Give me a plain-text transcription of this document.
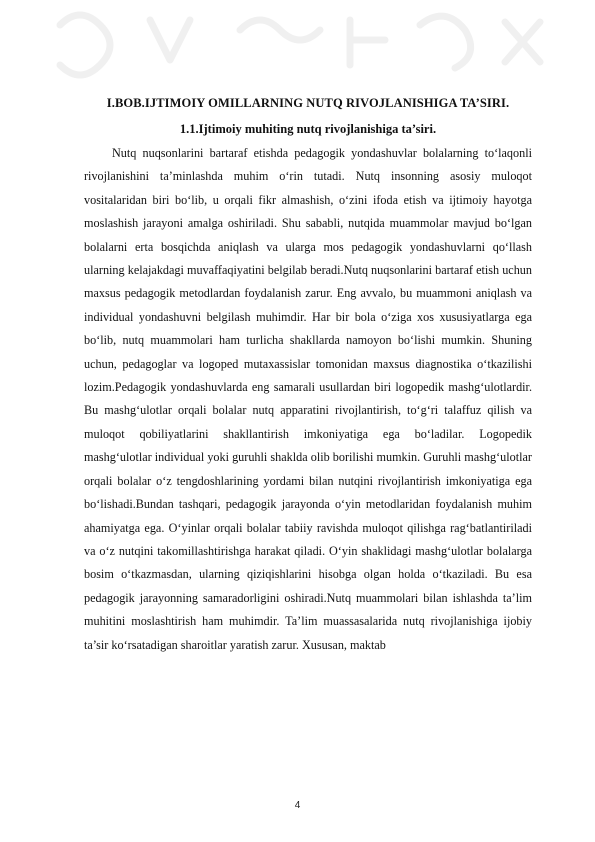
I.BOB.IJTIMOIY OMILLARNING NUTQ RIVOJLANISHIGA TA’SIRI.
1.1.Ijtimoiy muhiting nutq rivojlanishiga ta’siri.

Nutq nuqsonlarini bartaraf etishda pedagogik yondashuvlar bolalarning to‘laqonli rivojlanishini ta’minlashda muhim o‘rin tutadi. Nutq insonning asosiy muloqot vositalaridan biri bo‘lib, u orqali fikr almashish, o‘zini ifoda etish va ijtimoiy hayotga moslashish jarayoni amalga oshiriladi. Shu sababli, nutqida muammolar mavjud bo‘lgan bolalarni erta bosqichda aniqlash va ularga mos pedagogik yondashuvlarni qo‘llash ularning kelajakdagi muvaffaqiyatini belgilab beradi.Nutq nuqsonlarini bartaraf etish uchun maxsus pedagogik metodlardan foydalanish zarur. Eng avvalo, bu muammoni aniqlash va individual yondashuvni belgilash muhimdir. Har bir bola o‘ziga xos xususiyatlarga ega bo‘lib, nutq muammolari ham turlicha shakllarda namoyon bo‘lishi mumkin. Shuning uchun, pedagoglar va logoped mutaxassislar tomonidan maxsus diagnostika o‘tkazilishi lozim.Pedagogik yondashuvlarda eng samarali usullardan biri logopedik mashg‘ulotlardir. Bu mashg‘ulotlar orqali bolalar nutq apparatini rivojlantirish, to‘g‘ri talaffuz qilish va muloqot qobiliyatlarini shakllantirish imkoniyatiga ega bo‘ladilar. Logopedik mashg‘ulotlar individual yoki guruhli shaklda olib borilishi mumkin. Guruhli mashg‘ulotlar orqali bolalar o‘z tengdoshlarining yordami bilan nutqini rivojlantirish imkoniyatiga ega bo‘lishadi.Bundan tashqari, pedagogik jarayonda o‘yin metodlaridan foydalanish muhim ahamiyatga ega. O‘yinlar orqali bolalar tabiiy ravishda muloqot qilishga rag‘batlantiriladi va o‘z nutqini takomillashtirishga harakat qiladi. O‘yin shaklidagi mashg‘ulotlar bolalarga bosim o‘tkazmasdan, ularning qiziqishlarini hisobga olgan holda o‘tkaziladi. Bu esa pedagogik jarayonning samaradorligini oshiradi.Nutq muammolari bilan ishlashda ta’lim muhitini moslashtirish ham muhimdir. Ta’lim muassasalarida nutq rivojlanishiga ijobiy ta’sir ko‘rsatadigan sharoitlar yaratish zarur. Xususan, maktab

4
